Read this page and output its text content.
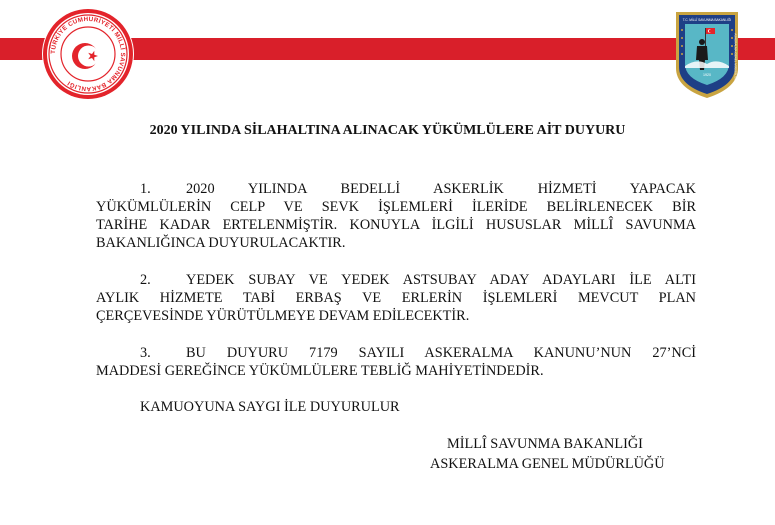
TÜRKİYE CUMHURİYETİ MİLLÎ SAVUNMA BAKANLIĞI
T.C. MİLLÎ SAVUNMA BAKANLIĞI
1920	ASKERALMA GENEL MÜDÜRLÜĞÜ
2020 YILINDA SİLAHALTINA ALINACAK YÜKÜMLÜLERE AİT DUYURU
1. 2020 YILINDA BEDELLİ ASKERLİK HİZMETİ YAPACAK
YÜKÜMLÜLERİN CELP VE SEVK İŞLEMLERİ İLERİDE BELİRLENECEK BİR
TARİHE KADAR ERTELENMİŞTİR. KONUYLA İLGİLİ HUSUSLAR MİLLÎ SAVUNMA
BAKANLIĞINCA DUYURULACAKTIR.
2. YEDEK SUBAY VE YEDEK ASTSUBAY ADAY ADAYLARI İLE ALTI
AYLIK HİZMETE TABİ ERBAŞ VE ERLERİN İŞLEMLERİ MEVCUT PLAN
ÇERÇEVESİNDE YÜRÜTÜLMEYE DEVAM EDİLECEKTİR.
3. BU DUYURU 7179 SAYILI ASKERALMA KANUNU’NUN 27’NCİ
MADDESİ GEREĞİNCE YÜKÜMLÜLERE TEBLİĞ MAHİYETİNDEDİR.
KAMUOYUNA SAYGI İLE DUYURULUR
MİLLÎ SAVUNMA BAKANLIĞI
ASKERALMA GENEL MÜDÜRLÜĞÜ
